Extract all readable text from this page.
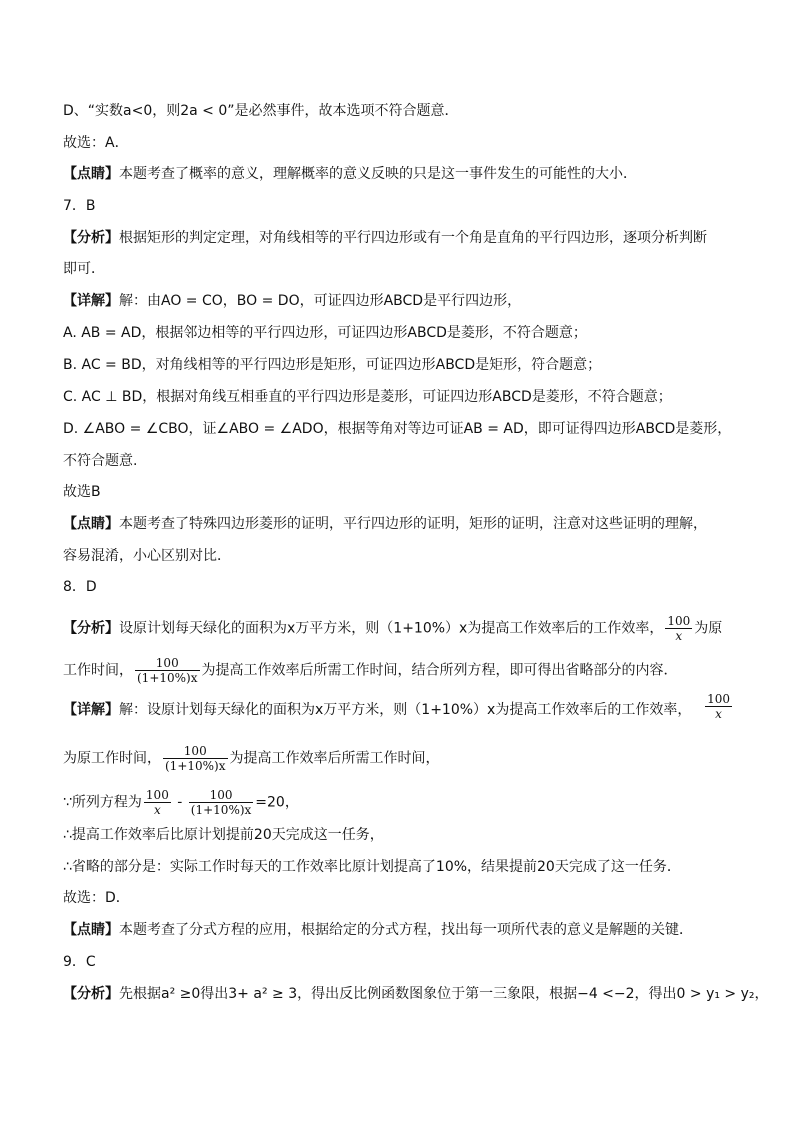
D、“实数a<0，则2a < 0”是必然事件，故本选项不符合题意．
故选：A．
【点睛】本题考查了概率的意义，理解概率的意义反映的只是这一事件发生的可能性的大小．
7．B
【分析】根据矩形的判定定理，对角线相等的平行四边形或有一个角是直角的平行四边形，逐项分析判断
即可．
【详解】解：由AO = CO，BO = DO，可证四边形ABCD是平行四边形，
A. AB = AD，根据邻边相等的平行四边形，可证四边形ABCD是菱形，不符合题意；
B. AC = BD，对角线相等的平行四边形是矩形，可证四边形ABCD是矩形，符合题意；
C. AC ⊥ BD，根据对角线互相垂直的平行四边形是菱形，可证四边形ABCD是菱形，不符合题意；
D. ∠ABO = ∠CBO，证∠ABO = ∠ADO，根据等角对等边可证AB = AD，即可证得四边形ABCD是菱形，
不符合题意.
故选B
【点睛】本题考查了特殊四边形菱形的证明，平行四边形的证明，矩形的证明，注意对这些证明的理解，
容易混淆，小心区别对比．
8．D
【分析】设原计划每天绿化的面积为x万平方米，则（1+10%）x为提高工作效率后的工作效率， $\frac{100}{x}$ 为原
工作时间， $\frac{100}{(1+10\%)x}$ 为提高工作效率后所需工作时间，结合所列方程，即可得出省略部分的内容．
【详解】解：设原计划每天绿化的面积为x万平方米，则（1+10%）x为提高工作效率后的工作效率， $\frac{100}{x}$
为原工作时间， $\frac{100}{(1+10\%)x}$ 为提高工作效率后所需工作时间，
∵所列方程为 $\frac{100}{x} - \frac{100}{(1+10\%)x} =20$，
∴提高工作效率后比原计划提前20天完成这一任务，
∴省略的部分是：实际工作时每天的工作效率比原计划提高了10%，结果提前20天完成了这一任务．
故选：D．
【点睛】本题考查了分式方程的应用，根据给定的分式方程，找出每一项所代表的意义是解题的关键．
9．C
【分析】先根据a² ≥0得出3+ a² ≥ 3，得出反比例函数图象位于第一三象限，根据−4 <−2，得出0 > y₁ > y₂，
